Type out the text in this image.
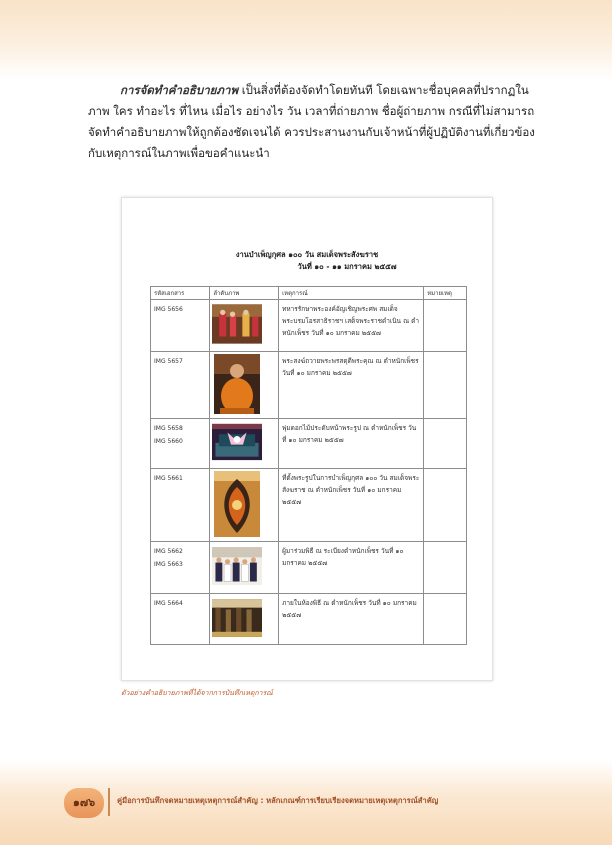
การจัดทำคำอธิบายภาพ เป็นสิ่งที่ต้องจัดทำโดยทันที โดยเฉพาะชื่อบุคคลที่ปรากฏในภาพ ใคร ทำอะไร ที่ไหน เมื่อไร อย่างไร วัน เวลาที่ถ่ายภาพ ชื่อผู้ถ่ายภาพ กรณีที่ไม่สามารถจัดทำคำอธิบายภาพให้ถูกต้องชัดเจนได้ ควรประสานงานกับเจ้าหน้าที่ผู้ปฏิบัติงานที่เกี่ยวข้องกับเหตุการณ์ในภาพเพื่อขอคำแนะนำ

งานบำเพ็ญกุศล ๑๐๐ วัน สมเด็จพระสังฆราช
วันที่ ๑๐ - ๑๑ มกราคม ๒๕๕๗
รหัสเอกสาร	ลำดับภาพ	เหตุการณ์	หมายเหตุ

IMG 5656		ทหารรักษาพระองค์อัญเชิญพระศพ สมเด็จพระบรมโอรสาธิราชฯ เสด็จพระราชดำเนิน ณ ตำหนักเพ็ชร วันที่ ๑๐ มกราคม ๒๕๕๗	

IMG 5657		พระสงฆ์ถวายพระพรสดุดีพระคุณ ณ ตำหนักเพ็ชร วันที่ ๑๐ มกราคม ๒๕๕๗	

IMG 5658
IMG 5660		พุ่มดอกไม้ประดับหน้าพระรูป ณ ตำหนักเพ็ชร วันที่ ๑๐ มกราคม ๒๕๕๗	

IMG 5661		ที่ตั้งพระรูปในการบำเพ็ญกุศล ๑๐๐ วัน สมเด็จพระสังฆราช ณ ตำหนักเพ็ชร วันที่ ๑๐ มกราคม ๒๕๕๗	

IMG 5662
IMG 5663		ผู้มาร่วมพิธี ณ ระเบียงตำหนักเพ็ชร วันที่ ๑๐ มกราคม ๒๕๕๗	

IMG 5664		ภายในห้องพิธี ณ ตำหนักเพ็ชร วันที่ ๑๐ มกราคม ๒๕๕๗	
ตัวอย่างคำอธิบายภาพที่ได้จากการบันทึกเหตุการณ์
๑๗๖	คู่มือการบันทึกจดหมายเหตุเหตุการณ์สำคัญ : หลักเกณฑ์การเรียบเรียงจดหมายเหตุเหตุการณ์สำคัญ
